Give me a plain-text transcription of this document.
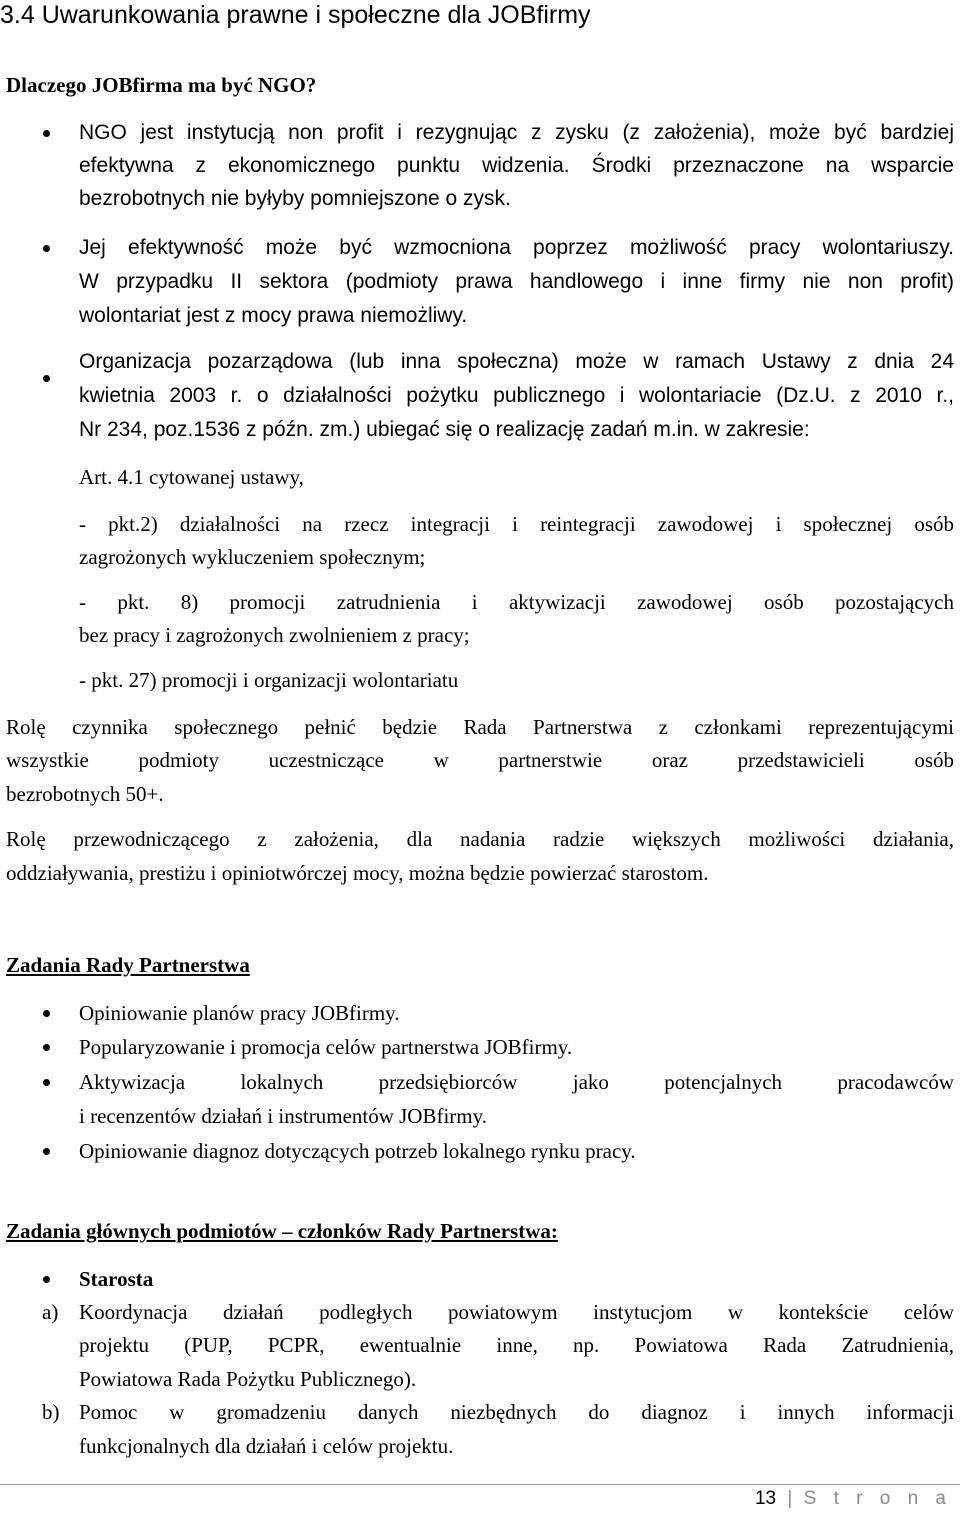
3.4 Uwarunkowania prawne i społeczne dla JOBfirmy
Dlaczego JOBfirma ma być NGO?
NGO jest instytucją non profit i rezygnując z zysku (z założenia), może być bardziej
efektywna z ekonomicznego punktu widzenia. Środki przeznaczone na wsparcie
bezrobotnych nie byłyby pomniejszone o zysk.
Jej efektywność może być wzmocniona poprzez możliwość pracy wolontariuszy.
W przypadku II sektora (podmioty prawa handlowego i inne firmy nie non profit)
wolontariat jest z mocy prawa niemożliwy.
Organizacja pozarządowa (lub inna społeczna) może w ramach Ustawy z dnia 24
kwietnia 2003 r. o działalności pożytku publicznego i wolontariacie (Dz.U. z 2010 r.,
Nr 234, poz.1536 z późn. zm.) ubiegać się o realizację zadań m.in. w zakresie:
Art. 4.1 cytowanej ustawy,
- pkt.2) działalności na rzecz integracji i reintegracji zawodowej i społecznej osób
zagrożonych wykluczeniem społecznym;
- pkt. 8) promocji zatrudnienia i aktywizacji zawodowej osób pozostających
bez pracy i zagrożonych zwolnieniem z pracy;
- pkt. 27) promocji i organizacji wolontariatu
Rolę czynnika społecznego pełnić będzie Rada Partnerstwa z członkami reprezentującymi
wszystkie podmioty uczestniczące w partnerstwie oraz przedstawicieli osób
bezrobotnych 50+.
Rolę przewodniczącego z założenia, dla nadania radzie większych możliwości działania,
oddziaływania, prestiżu i opiniotwórczej mocy, można będzie powierzać starostom.
Zadania Rady Partnerstwa
Opiniowanie planów pracy JOBfirmy.
Popularyzowanie i promocja celów partnerstwa JOBfirmy.
Aktywizacja lokalnych przedsiębiorców jako potencjalnych pracodawców
i recenzentów działań i instrumentów JOBfirmy.
Opiniowanie diagnoz dotyczących potrzeb lokalnego rynku pracy.
Zadania głównych podmiotów – członków Rady Partnerstwa:
Starosta
a) Koordynacja działań podległych powiatowym instytucjom w kontekście celów
projektu (PUP, PCPR, ewentualnie inne, np. Powiatowa Rada Zatrudnienia,
Powiatowa Rada Pożytku Publicznego).
b) Pomoc w gromadzeniu danych niezbędnych do diagnoz i innych informacji
funkcjonalnych dla działań i celów projektu.
13 | S t r o n a
